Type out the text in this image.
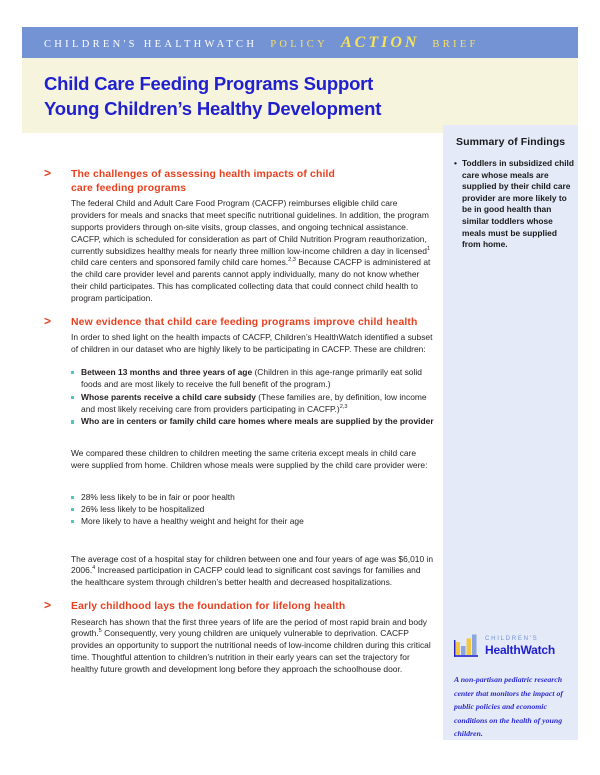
CHILDREN'S HEALTHWATCH POLICY ACTION BRIEF
Child Care Feeding Programs Support
Young Children’s Healthy Development
Summary of Findings
• Toddlers in subsidized child care whose meals are supplied by their child care provider are more likely to be in good health than similar toddlers whose meals must be supplied from home.
CHILDREN'S
HealthWatch
A non-partisan pediatric research center that monitors the impact of public policies and economic conditions on the health of young children.
> The challenges of assessing health impacts of child
care feeding programs

The federal Child and Adult Care Food Program (CACFP) reimburses eligible child care providers for meals and snacks that meet specific nutritional guidelines. In addition, the program supports providers through on-site visits, group classes, and ongoing technical assistance. CACFP, which is scheduled for consideration as part of Child Nutrition Program reauthorization, currently subsidizes healthy meals for nearly three million low-income children a day in licensed$^1$ child care centers and sponsored family child care homes.$^{2,3}$ Because CACFP is administered at the child care provider level and parents cannot apply individually, many do not know whether their child participates. This has complicated collecting data that could connect child health to program participation.

> New evidence that child care feeding programs improve child health

In order to shed light on the health impacts of CACFP, Children’s HealthWatch identified a subset of children in our dataset who are highly likely to be participating in CACFP. These are children:

Between 13 months and three years of age (Children in this age-range primarily eat solid foods and are most likely to receive the full benefit of the program.)
Whose parents receive a child care subsidy (These families are, by definition, low income and most likely receiving care from providers participating in CACFP.)$^{2,3}$
Who are in centers or family child care homes where meals are supplied by the provider

We compared these children to children meeting the same criteria except meals in child care were supplied from home. Children whose meals were supplied by the child care provider were:

28% less likely to be in fair or poor health
26% less likely to be hospitalized
More likely to have a healthy weight and height for their age

The average cost of a hospital stay for children between one and four years of age was $6,010 in 2006.$^4$ Increased participation in CACFP could lead to significant cost savings for families and the healthcare system through children’s better health and decreased hospitalizations.

> Early childhood lays the foundation for lifelong health

Research has shown that the first three years of life are the period of most rapid brain and body growth.$^5$ Consequently, very young children are uniquely vulnerable to deprivation. CACFP provides an opportunity to support the nutritional needs of low-income children during this critical time. Thoughtful attention to children’s nutrition in their early years can set the trajectory for healthy future growth and development long before they approach the schoolhouse door.
